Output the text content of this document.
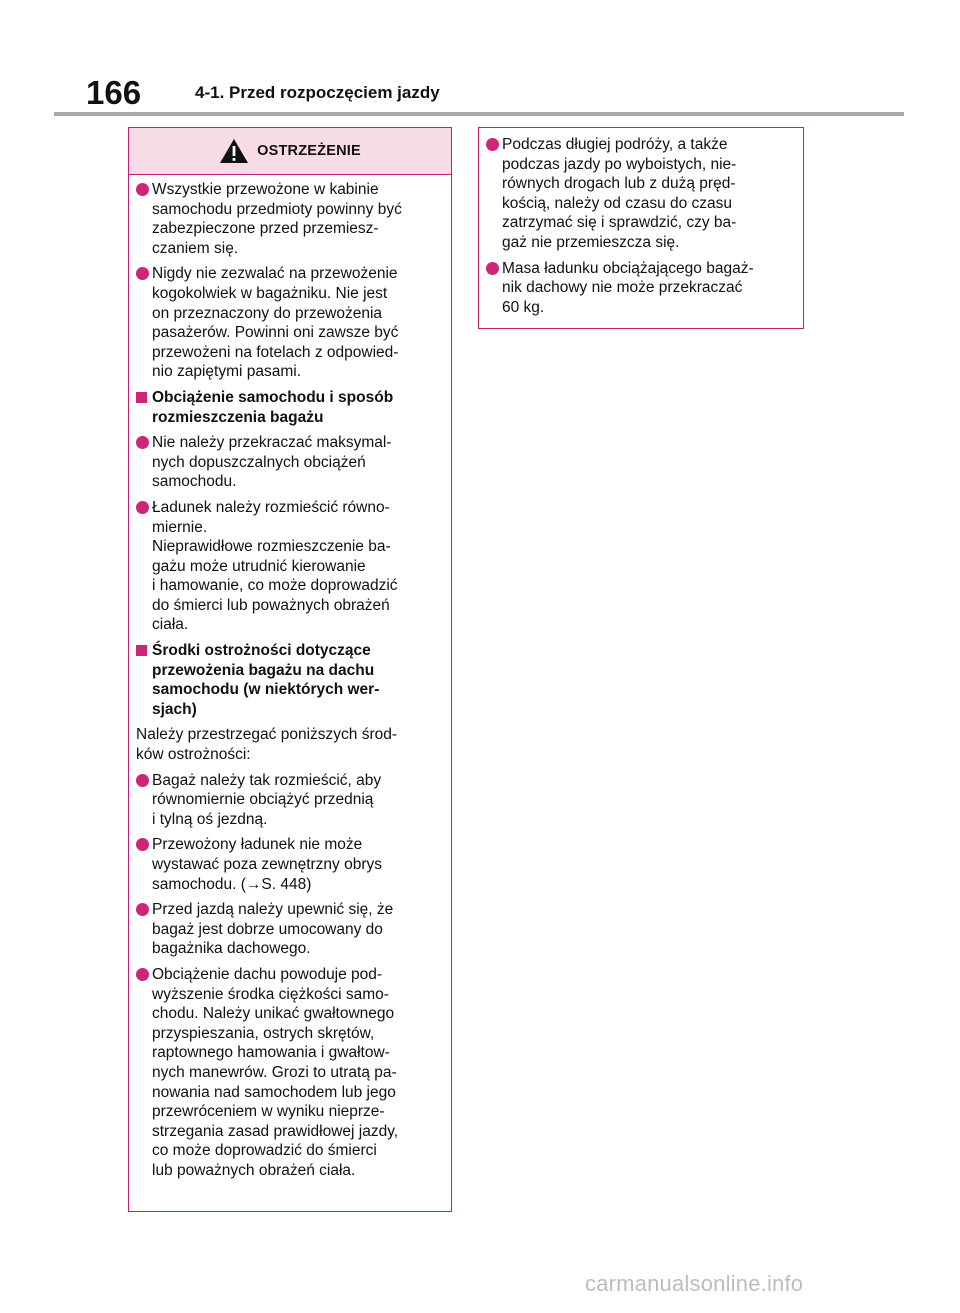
166	4-1. Przed rozpoczęciem jazdy
OSTRZEŻENIE
Wszystkie przewożone w kabinie
samochodu przedmioty powinny być
zabezpieczone przed przemiesz-
czaniem się.
Nigdy nie zezwalać na przewożenie
kogokolwiek w bagażniku. Nie jest
on przeznaczony do przewożenia
pasażerów. Powinni oni zawsze być
przewożeni na fotelach z odpowied-
nio zapiętymi pasami.
Obciążenie samochodu i sposób
rozmieszczenia bagażu
Nie należy przekraczać maksymal-
nych dopuszczalnych obciążeń
samochodu.
Ładunek należy rozmieścić równo-
miernie.
Nieprawidłowe rozmieszczenie ba-
gażu może utrudnić kierowanie
i hamowanie, co może doprowadzić
do śmierci lub poważnych obrażeń
ciała.
Środki ostrożności dotyczące
przewożenia bagażu na dachu
samochodu (w niektórych wer-
sjach)
Należy przestrzegać poniższych środ-
ków ostrożności:
Bagaż należy tak rozmieścić, aby
równomiernie obciążyć przednią
i tylną oś jezdną.
Przewożony ładunek nie może
wystawać poza zewnętrzny obrys
samochodu. (→S. 448)
Przed jazdą należy upewnić się, że
bagaż jest dobrze umocowany do
bagażnika dachowego.
Obciążenie dachu powoduje pod-
wyższenie środka ciężkości samo-
chodu. Należy unikać gwałtownego
przyspieszania, ostrych skrętów,
raptownego hamowania i gwałtow-
nych manewrów. Grozi to utratą pa-
nowania nad samochodem lub jego
przewróceniem w wyniku nieprze-
strzegania zasad prawidłowej jazdy,
co może doprowadzić do śmierci
lub poważnych obrażeń ciała.
Podczas długiej podróży, a także
podczas jazdy po wyboistych, nie-
równych drogach lub z dużą pręd-
kością, należy od czasu do czasu
zatrzymać się i sprawdzić, czy ba-
gaż nie przemieszcza się.
Masa ładunku obciążającego bagaż-
nik dachowy nie może przekraczać
60 kg.
carmanualsonline.info
